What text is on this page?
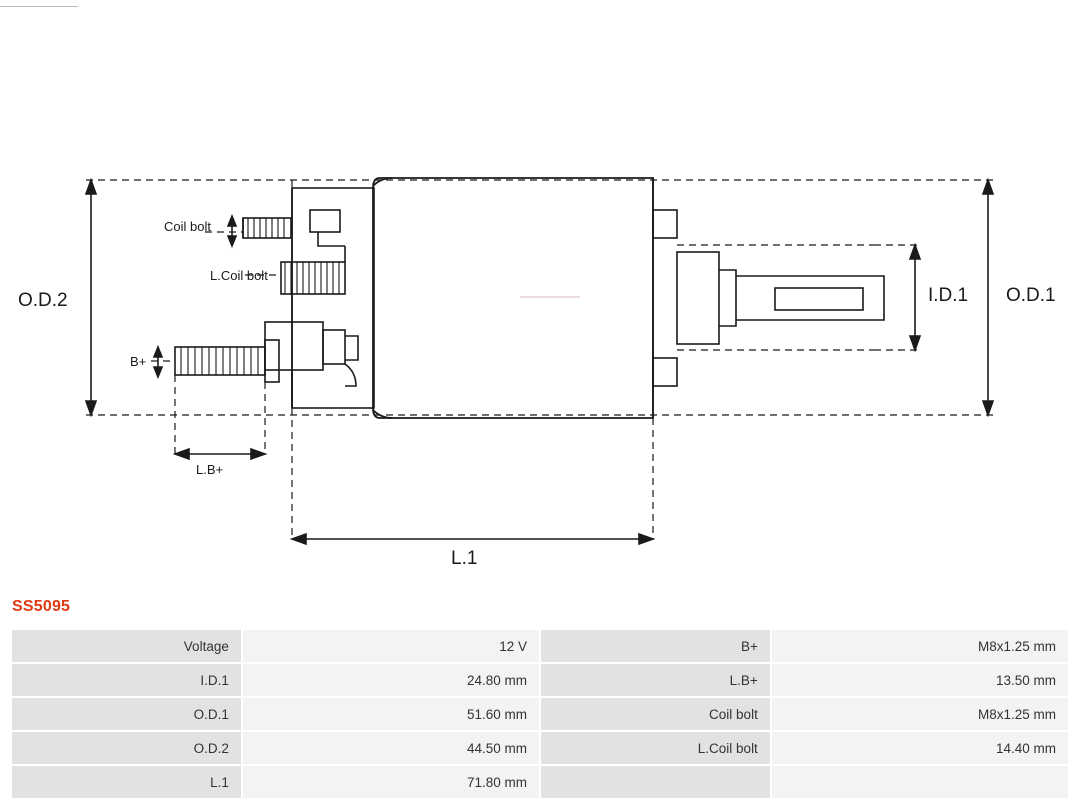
O.D.2	O.D.1
I.D.1
L.1
L.B+
B+
Coil bolt
L.Coil bolt
SS5095
Voltage	12 V	B+	M8x1.25 mm
I.D.1	24.80 mm	L.B+	13.50 mm
O.D.1	51.60 mm	Coil bolt	M8x1.25 mm
O.D.2	44.50 mm	L.Coil bolt	14.40 mm
L.1	71.80 mm		
